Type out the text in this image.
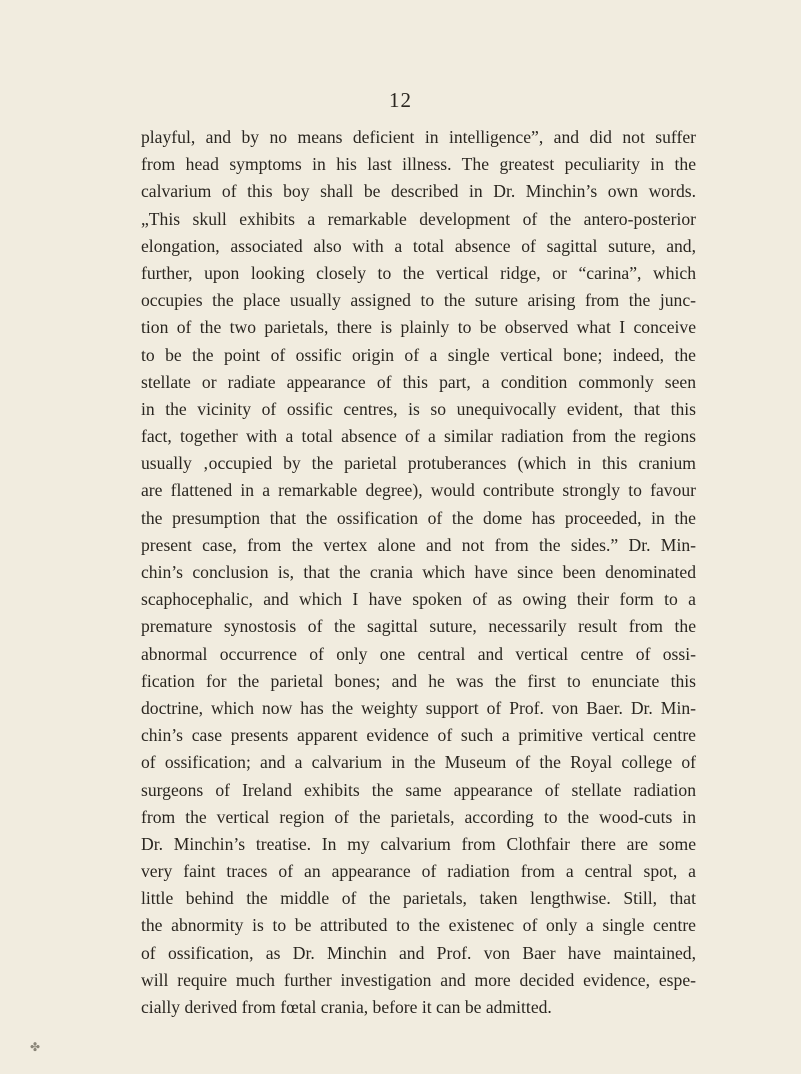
12
playful, and by no means deficient in intelligence”, and did not suffer
from head symptoms in his last illness. The greatest peculiarity in the
calvarium of this boy shall be described in Dr. Minchin’s own words.
„This skull exhibits a remarkable development of the antero-posterior
elongation, associated also with a total absence of sagittal suture, and,
further, upon looking closely to the vertical ridge, or “carina”, which
occupies the place usually assigned to the suture arising from the junc-
tion of the two parietals, there is plainly to be observed what I conceive
to be the point of ossific origin of a single vertical bone; indeed, the
stellate or radiate appearance of this part, a condition commonly seen
in the vicinity of ossific centres, is so unequivocally evident, that this
fact, together with a total absence of a similar radiation from the regions
usually ‚occupied by the parietal protuberances (which in this cranium
are flattened in a remarkable degree), would contribute strongly to favour
the presumption that the ossification of the dome has proceeded, in the
present case, from the vertex alone and not from the sides.” Dr. Min-
chin’s conclusion is, that the crania which have since been denominated
scaphocephalic, and which I have spoken of as owing their form to a
premature synostosis of the sagittal suture, necessarily result from the
abnormal occurrence of only one central and vertical centre of ossi-
fication for the parietal bones; and he was the first to enunciate this
doctrine, which now has the weighty support of Prof. von Baer. Dr. Min-
chin’s case presents apparent evidence of such a primitive vertical centre
of ossification; and a calvarium in the Museum of the Royal college of
surgeons of Ireland exhibits the same appearance of stellate radiation
from the vertical region of the parietals, according to the wood-cuts in
Dr. Minchin’s treatise. In my calvarium from Clothfair there are some
very faint traces of an appearance of radiation from a central spot, a
little behind the middle of the parietals, taken lengthwise. Still, that
the abnormity is to be attributed to the existenec of only a single centre
of ossification, as Dr. Minchin and Prof. von Baer have maintained,
will require much further investigation and more decided evidence, espe-
cially derived from fœtal crania, before it can be admitted.
✤
